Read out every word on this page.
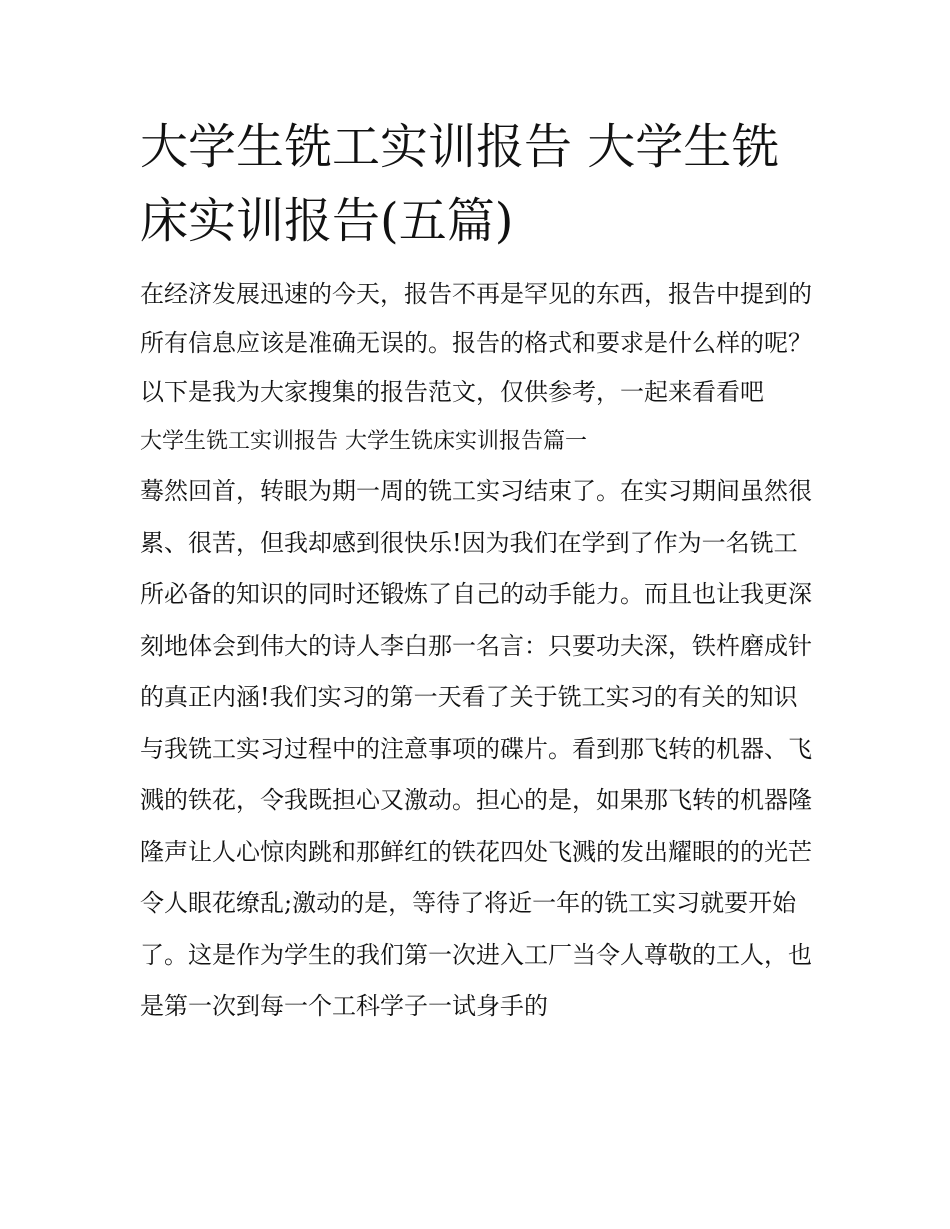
大学生铣工实训报告 大学生铣床实训报告(五篇)

在经济发展迅速的今天，报告不再是罕见的东西，报告中提到的所有信息应该是准确无误的。报告的格式和要求是什么样的呢？以下是我为大家搜集的报告范文，仅供参考，一起来看看吧

大学生铣工实训报告 大学生铣床实训报告篇一

蓦然回首，转眼为期一周的铣工实习结束了。在实习期间虽然很累、很苦，但我却感到很快乐!因为我们在学到了作为一名铣工所必备的知识的同时还锻炼了自己的动手能力。而且也让我更深刻地体会到伟大的诗人李白那一名言：只要功夫深，铁杵磨成针的真正内涵!我们实习的第一天看了关于铣工实习的有关的知识与我铣工实习过程中的注意事项的碟片。看到那飞转的机器、飞溅的铁花，令我既担心又激动。担心的是，如果那飞转的机器隆隆声让人心惊肉跳和那鲜红的铁花四处飞溅的发出耀眼的的光芒令人眼花缭乱;激动的是，等待了将近一年的铣工实习就要开始了。这是作为学生的我们第一次进入工厂当令人尊敬的工人，也是第一次到每一个工科学子一试身手的
